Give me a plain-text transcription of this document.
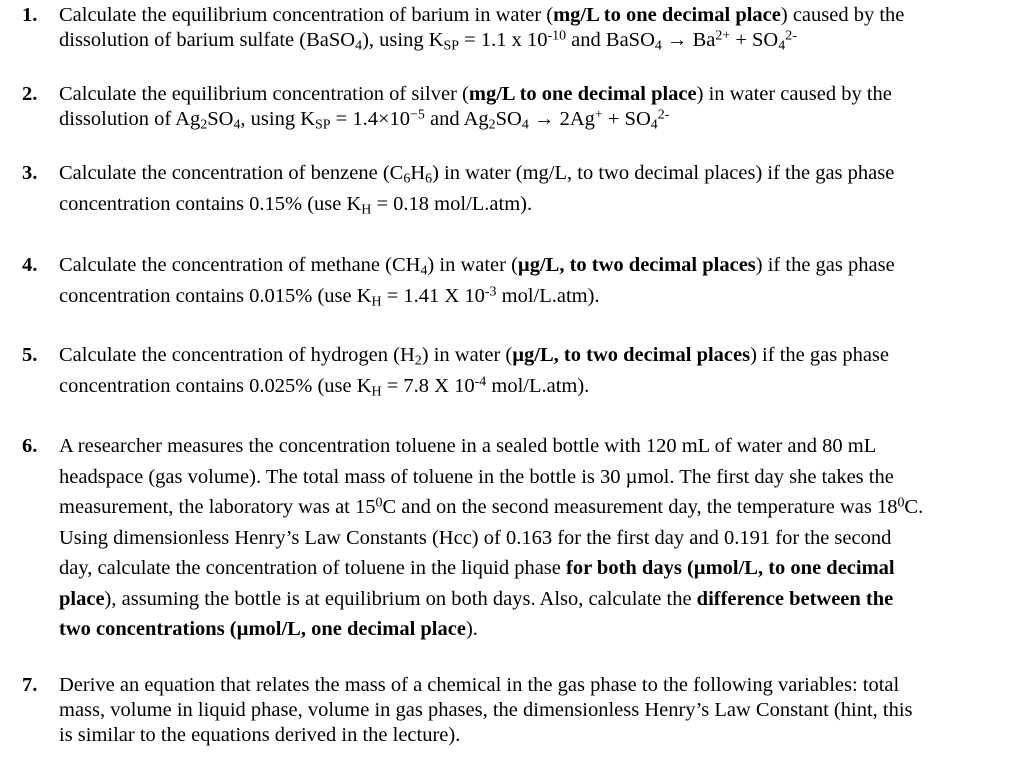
1. Calculate the equilibrium concentration of barium in water (mg/L to one decimal place) caused by the
dissolution of barium sulfate (BaSO$_4$), using $K_{SP} = 1.1$ x $10^{-10}$ and BaSO$_4$ → $Ba^{2+} + SO_4^{2-}$
2. Calculate the equilibrium concentration of silver (mg/L to one decimal place) in water caused by the
dissolution of $Ag_2SO_4$, using $K_{SP} = 1.4\times 10^{-5}$ and $Ag_2SO_4 \to 2Ag^+ + SO_4^{2-}$
3. Calculate the concentration of benzene $(C_6H_6)$ in water (mg/L, to two decimal places) if the gas phase
concentration contains 0.15% (use $K_H = 0.18$ mol/L.atm).
4. Calculate the concentration of methane $(CH_4)$ in water (µg/L, to two decimal places) if the gas phase
concentration contains 0.015% (use $K_H = 1.41$ X $10^{-3}$ mol/L.atm).
5. Calculate the concentration of hydrogen $(H_2)$ in water (µg/L, to two decimal places) if the gas phase
concentration contains 0.025% (use $K_H = 7.8$ X $10^{-4}$ mol/L.atm).
6. A researcher measures the concentration toluene in a sealed bottle with 120 mL of water and 80 mL
headspace (gas volume). The total mass of toluene in the bottle is 30 µmol. The first day she takes the
measurement, the laboratory was at $15^0C$ and on the second measurement day, the temperature was $18^0C$.
Using dimensionless Henry’s Law Constants (Hcc) of 0.163 for the first day and 0.191 for the second
day, calculate the concentration of toluene in the liquid phase for both days (µmol/L, to one decimal
place), assuming the bottle is at equilibrium on both days. Also, calculate the difference between the
two concentrations (µmol/L, one decimal place).
7. Derive an equation that relates the mass of a chemical in the gas phase to the following variables: total
mass, volume in liquid phase, volume in gas phases, the dimensionless Henry’s Law Constant (hint, this
is similar to the equations derived in the lecture).
